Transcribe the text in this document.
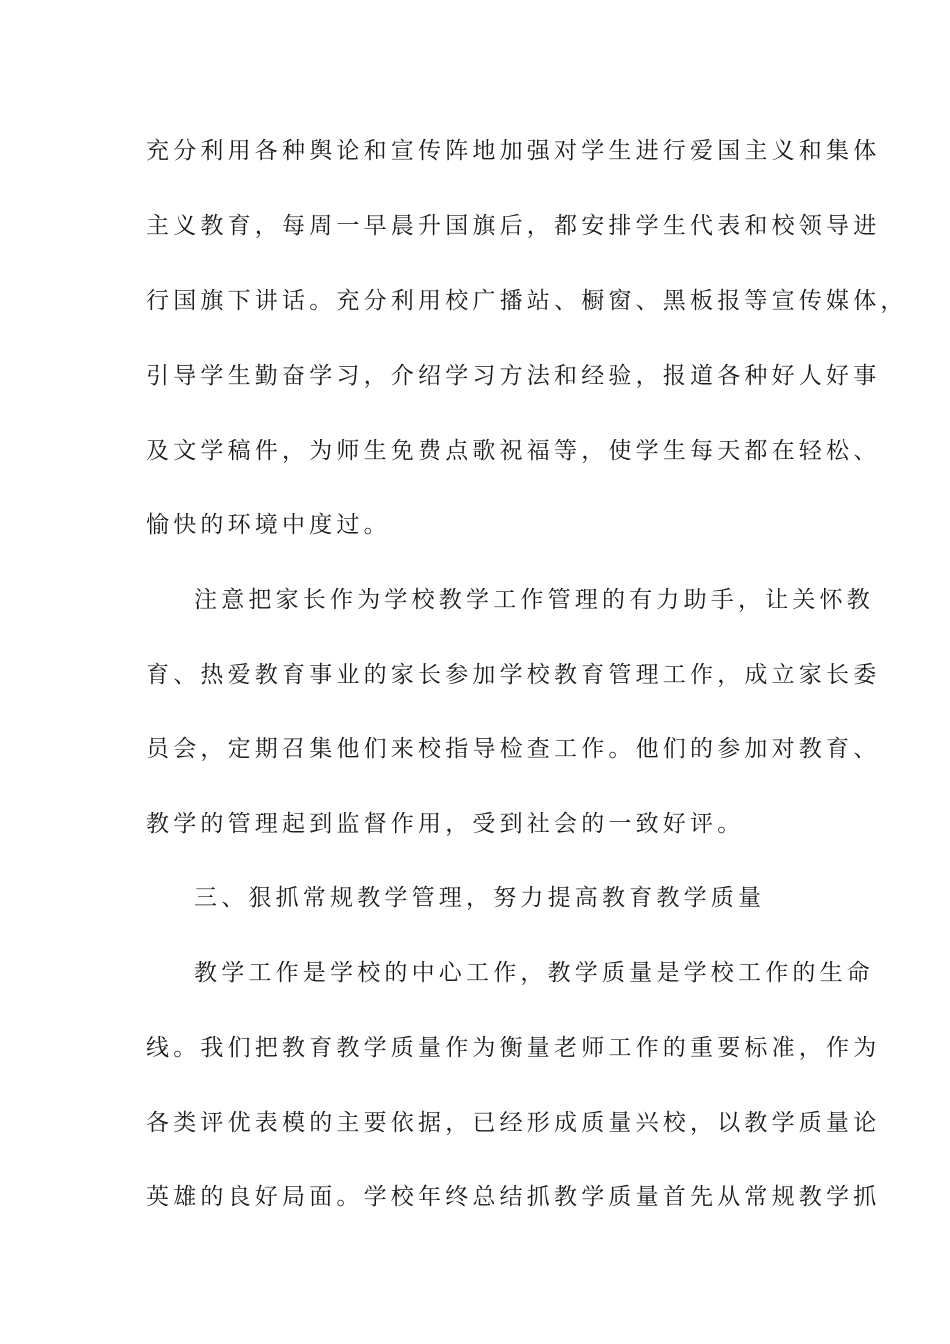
充分利用各种舆论和宣传阵地加强对学生进行爱国主义和集体

主义教育，每周一早晨升国旗后，都安排学生代表和校领导进

行国旗下讲话。充分利用校广播站、橱窗、黑板报等宣传媒体，

引导学生勤奋学习，介绍学习方法和经验，报道各种好人好事

及文学稿件，为师生免费点歌祝福等，使学生每天都在轻松、

愉快的环境中度过。

注意把家长作为学校教学工作管理的有力助手，让关怀教

育、热爱教育事业的家长参加学校教育管理工作，成立家长委

员会，定期召集他们来校指导检查工作。他们的参加对教育、

教学的管理起到监督作用，受到社会的一致好评。

三、狠抓常规教学管理，努力提高教育教学质量

教学工作是学校的中心工作，教学质量是学校工作的生命

线。我们把教育教学质量作为衡量老师工作的重要标准，作为

各类评优表模的主要依据，已经形成质量兴校，以教学质量论

英雄的良好局面。学校年终总结抓教学质量首先从常规教学抓
